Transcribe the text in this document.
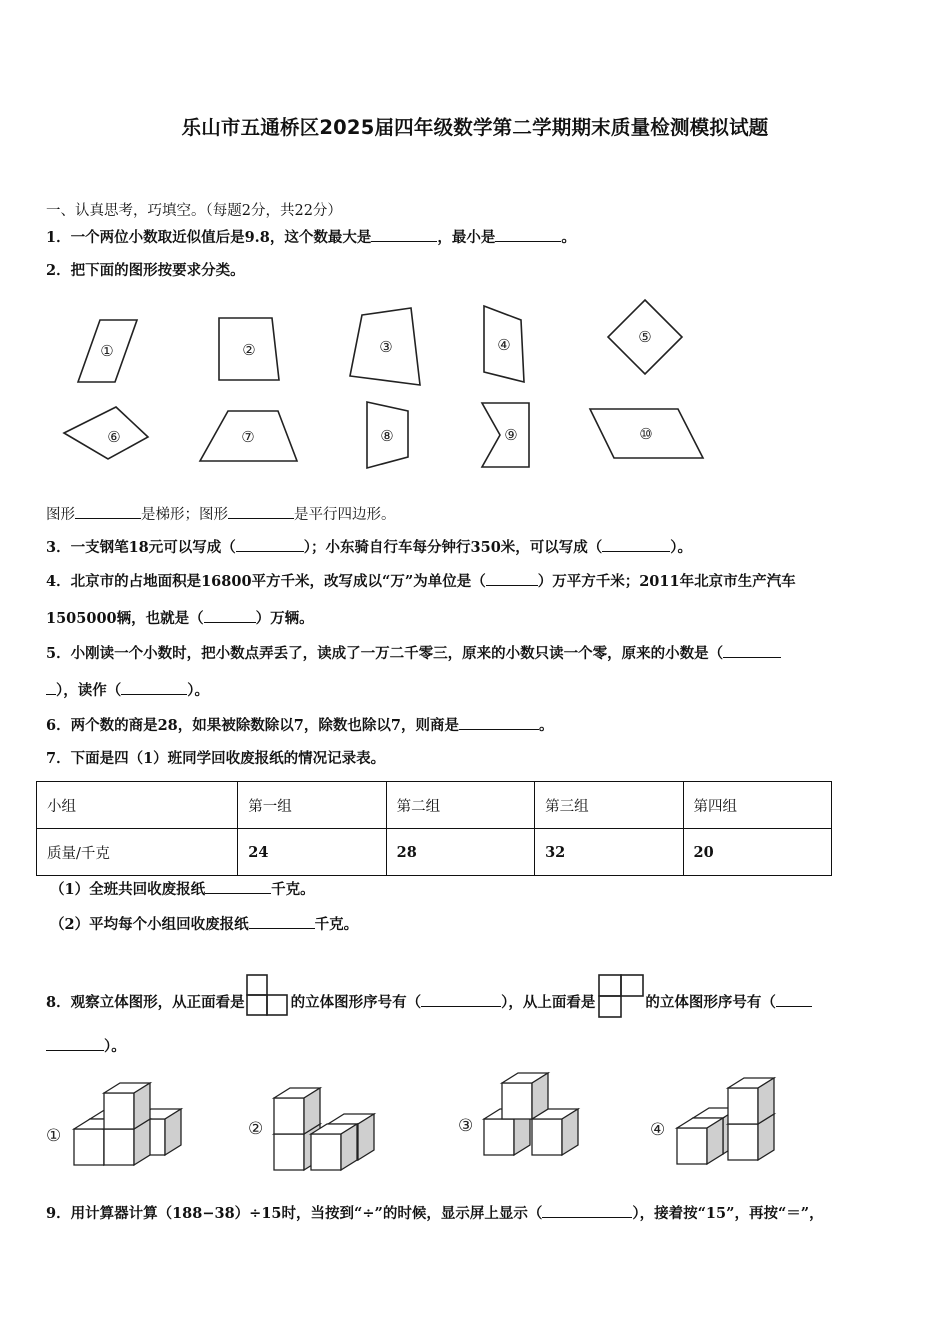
乐山市五通桥区2025届四年级数学第二学期期末质量检测模拟试题
一、认真思考，巧填空。（每题2分，共22分）
1．一个两位小数取近似值后是9.8，这个数最大是	，最小是	。
2．把下面的图形按要求分类。
①	②	③	④	⑤
⑥	⑦	⑧	⑨	⑩
图形	是梯形；图形	是平行四边形。
3．一支钢笔18元可以写成（	）；小东骑自行车每分钟行350米，可以写成（	）。
4．北京市的占地面积是16800平方千米，改写成以“万”为单位是（	）万平方千米；2011年北京市生产汽车
1505000辆，也就是（	）万辆。
5．小刚读一个小数时，把小数点弄丢了，读成了一万二千零三，原来的小数只读一个零，原来的小数是（
），读作（	）。
6．两个数的商是28，如果被除数除以7，除数也除以7，则商是	。
7．下面是四（1）班同学回收废报纸的情况记录表。
小组	第一组	第二组	第三组	第四组
质量/千克	24	28	32	20
（1）全班共回收废报纸	千克。
（2）平均每个小组回收废报纸	千克。
8．观察立体图形，从正面看是	的立体图形序号有（	），从上面看是	的立体图形序号有（
）。
①	②	③	④
9．用计算器计算（188−38）÷15时，当按到“÷”的时候，显示屏上显示（	），接着按“15”，再按“＝”，
